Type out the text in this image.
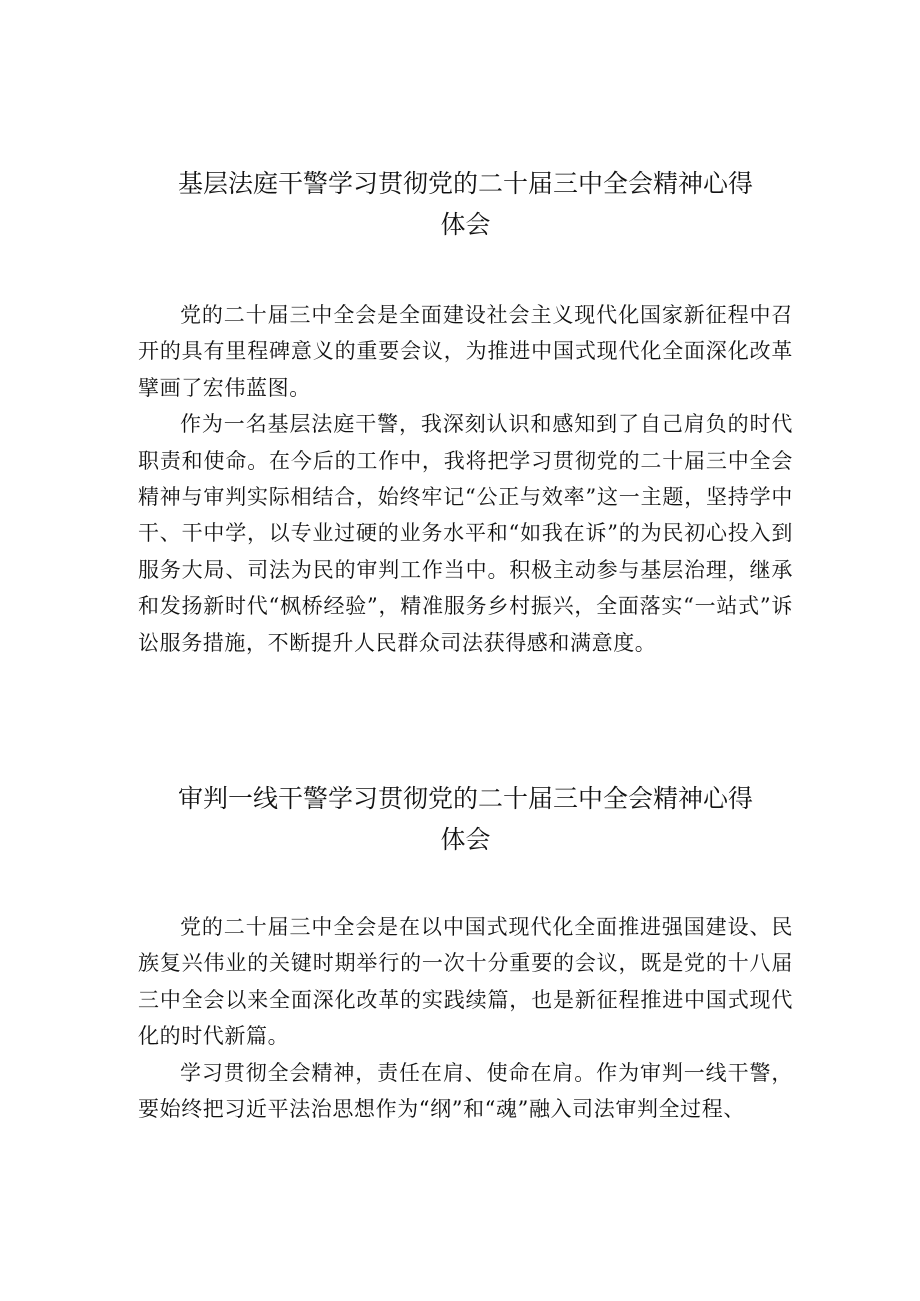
基层法庭干警学习贯彻党的二十届三中全会精神心得
体会

党的二十届三中全会是全面建设社会主义现代化国家新征程中召开的具有里程碑意义的重要会议，为推进中国式现代化全面深化改革擘画了宏伟蓝图。

作为一名基层法庭干警，我深刻认识和感知到了自己肩负的时代职责和使命。在今后的工作中，我将把学习贯彻党的二十届三中全会精神与审判实际相结合，始终牢记“公正与效率”这一主题，坚持学中干、干中学，以专业过硬的业务水平和“如我在诉”的为民初心投入到服务大局、司法为民的审判工作当中。积极主动参与基层治理，继承和发扬新时代“枫桥经验”，精准服务乡村振兴，全面落实“一站式”诉讼服务措施，不断提升人民群众司法获得感和满意度。

审判一线干警学习贯彻党的二十届三中全会精神心得
体会

党的二十届三中全会是在以中国式现代化全面推进强国建设、民族复兴伟业的关键时期举行的一次十分重要的会议，既是党的十八届三中全会以来全面深化改革的实践续篇，也是新征程推进中国式现代化的时代新篇。

学习贯彻全会精神，责任在肩、使命在肩。作为审判一线干警，要始终把习近平法治思想作为“纲”和“魂”融入司法审判全过程、
